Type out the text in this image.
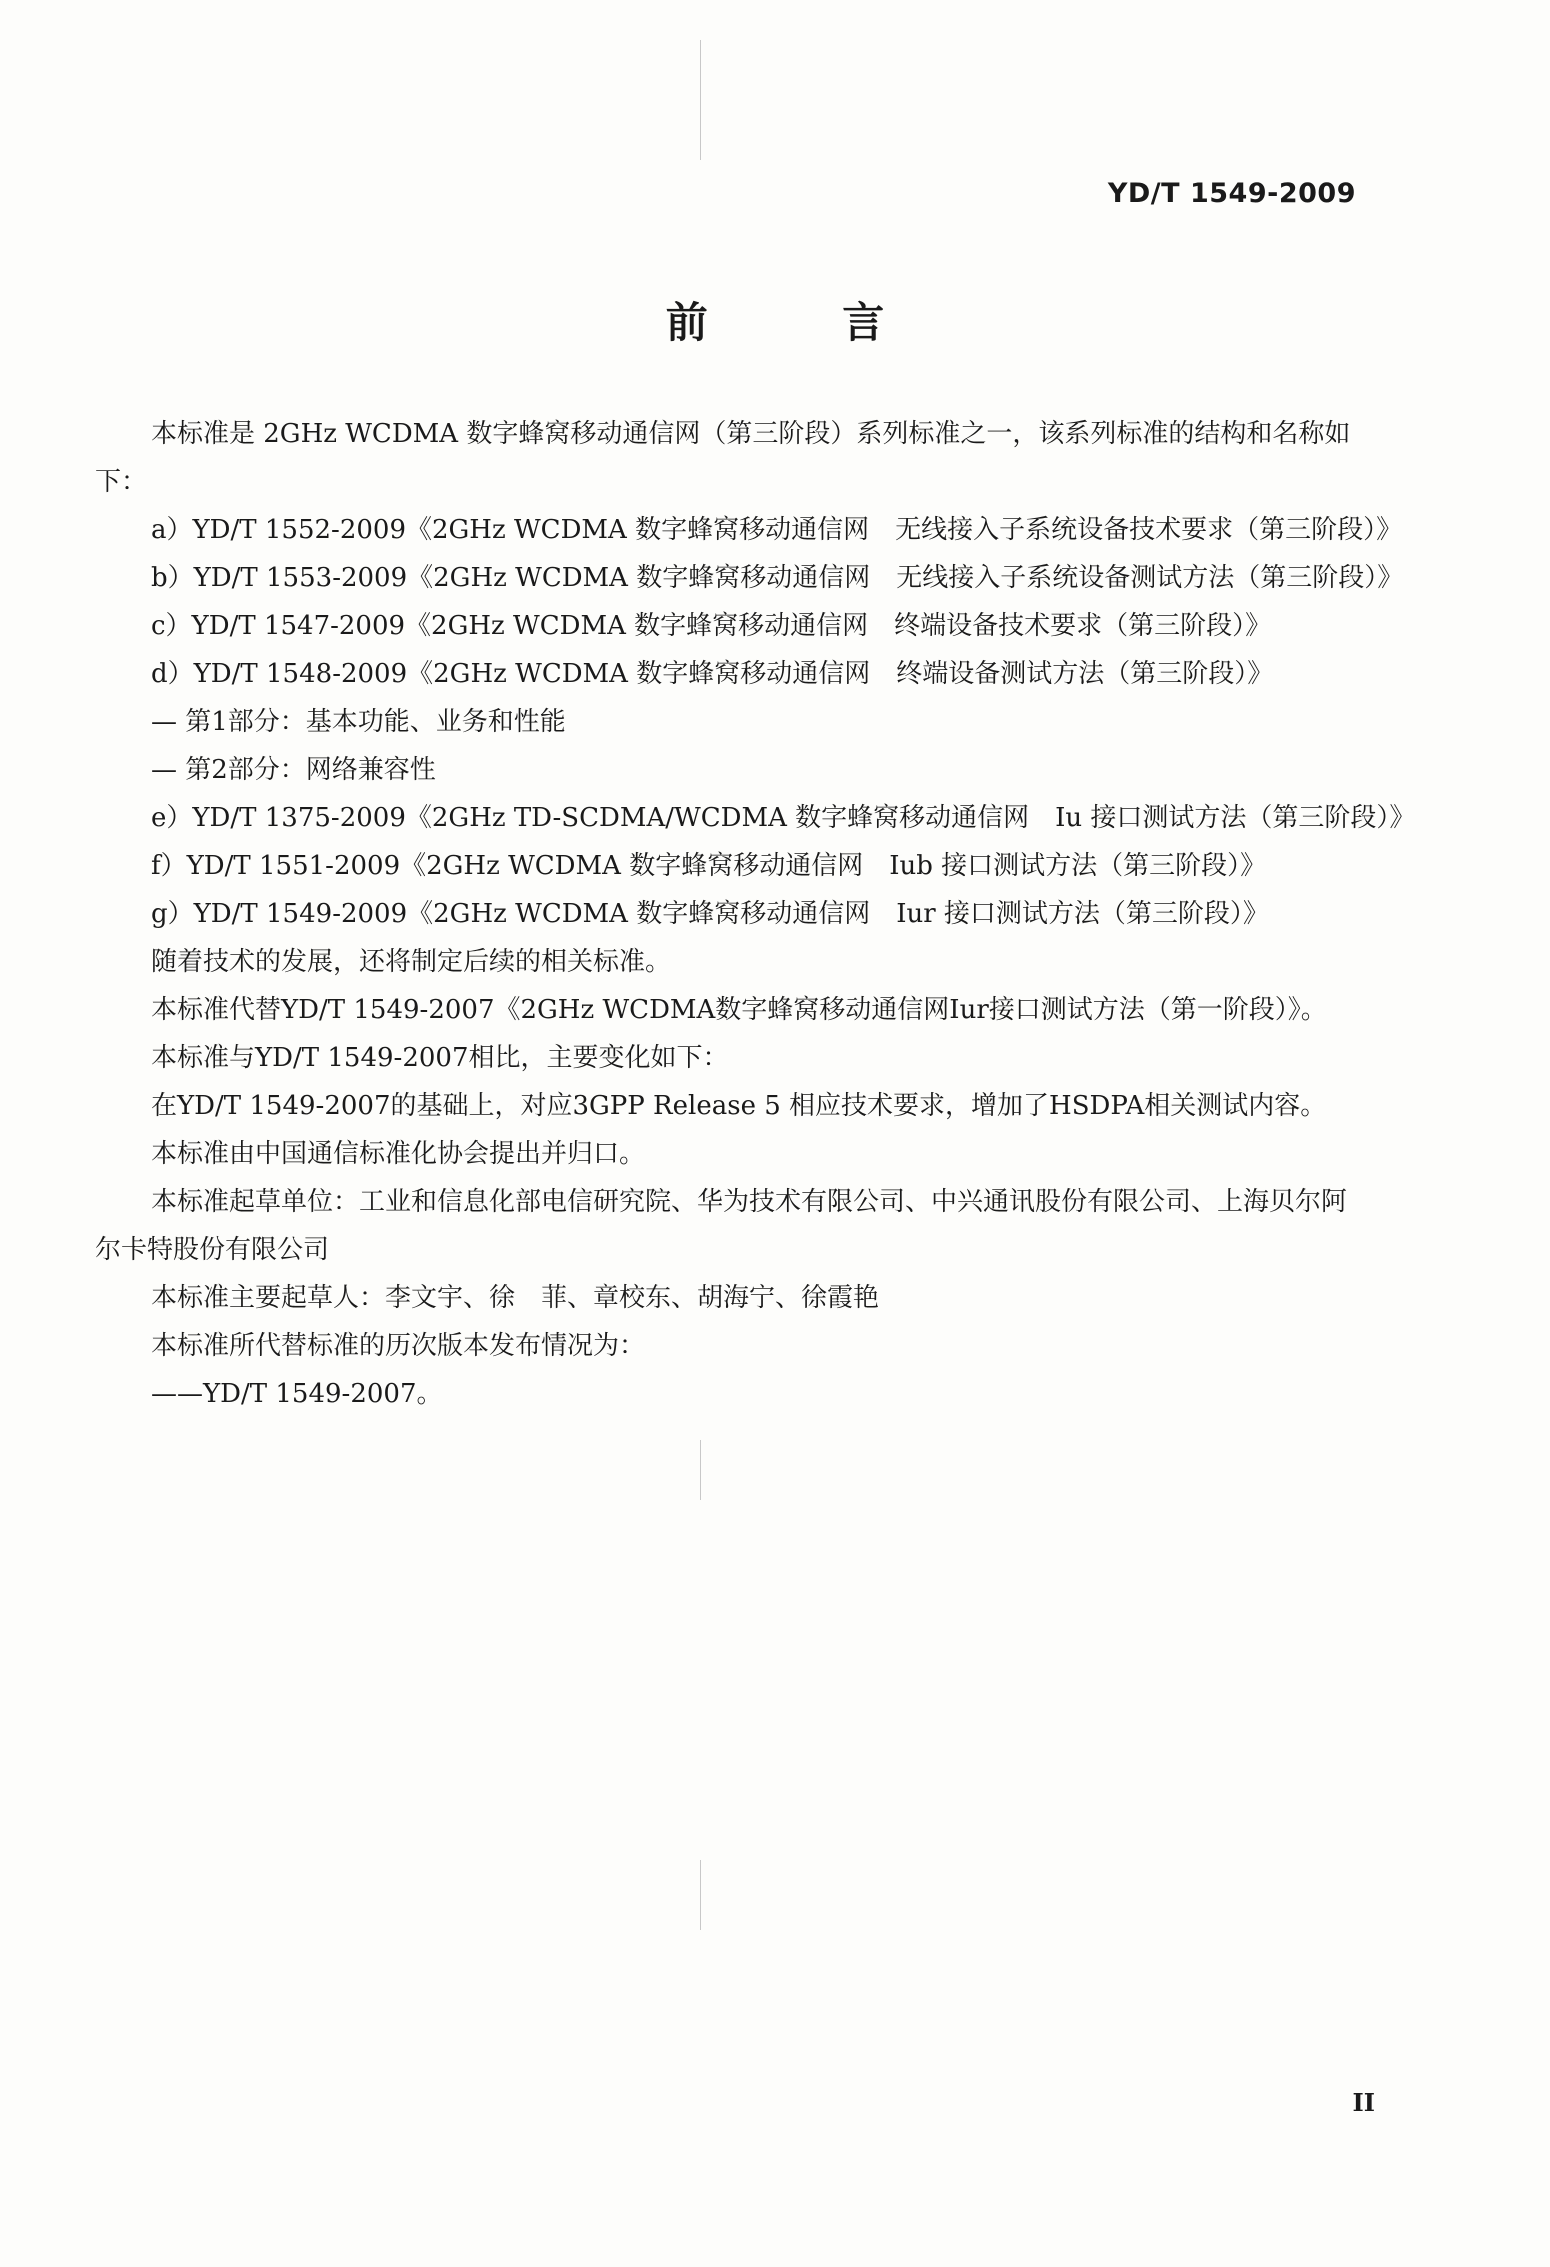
YD/T 1549-2009
前 言

本标准是 2GHz WCDMA 数字蜂窝移动通信网（第三阶段）系列标准之一，该系列标准的结构和名称如下：

a）YD/T 1552-2009《2GHz WCDMA 数字蜂窝移动通信网　无线接入子系统设备技术要求（第三阶段）》

b）YD/T 1553-2009《2GHz WCDMA 数字蜂窝移动通信网　无线接入子系统设备测试方法（第三阶段）》

c）YD/T 1547-2009《2GHz WCDMA 数字蜂窝移动通信网　终端设备技术要求（第三阶段）》

d）YD/T 1548-2009《2GHz WCDMA 数字蜂窝移动通信网　终端设备测试方法（第三阶段）》

— 第1部分：基本功能、业务和性能

— 第2部分：网络兼容性

e）YD/T 1375-2009《2GHz TD-SCDMA/WCDMA 数字蜂窝移动通信网　Iu 接口测试方法（第三阶段）》

f）YD/T 1551-2009《2GHz WCDMA 数字蜂窝移动通信网　Iub 接口测试方法（第三阶段）》

g）YD/T 1549-2009《2GHz WCDMA 数字蜂窝移动通信网　Iur 接口测试方法（第三阶段）》

随着技术的发展，还将制定后续的相关标准。

本标准代替YD/T 1549-2007《2GHz WCDMA数字蜂窝移动通信网Iur接口测试方法（第一阶段）》。

本标准与YD/T 1549-2007相比，主要变化如下：

在YD/T 1549-2007的基础上，对应3GPP Release 5 相应技术要求，增加了HSDPA相关测试内容。

本标准由中国通信标准化协会提出并归口。

本标准起草单位：工业和信息化部电信研究院、华为技术有限公司、中兴通讯股份有限公司、上海贝尔阿尔卡特股份有限公司

本标准主要起草人：李文宇、徐　菲、章校东、胡海宁、徐霞艳

本标准所代替标准的历次版本发布情况为：

——YD/T 1549-2007。

II
